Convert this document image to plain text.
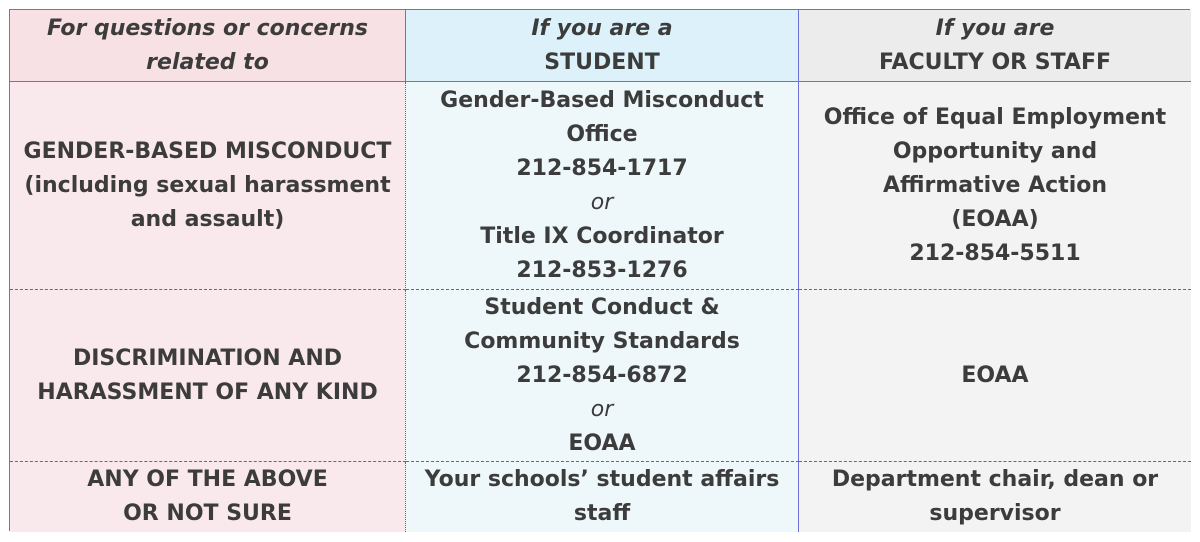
For questions or concerns
related to
If you are a
STUDENT
If you are
FACULTY OR STAFF
GENDER-BASED MISCONDUCT
(including sexual harassment
and assault)
Gender-Based Misconduct
Office
212-854-1717
or
Title IX Coordinator
212-853-1276
Office of Equal Employment
Opportunity and
Affirmative Action
(EOAA)
212-854-5511
DISCRIMINATION AND
HARASSMENT OF ANY KIND
Student Conduct &
Community Standards
212-854-6872
or
EOAA
EOAA
ANY OF THE ABOVE
OR NOT SURE
Your schools’ student affairs
staff
Department chair, dean or
supervisor
